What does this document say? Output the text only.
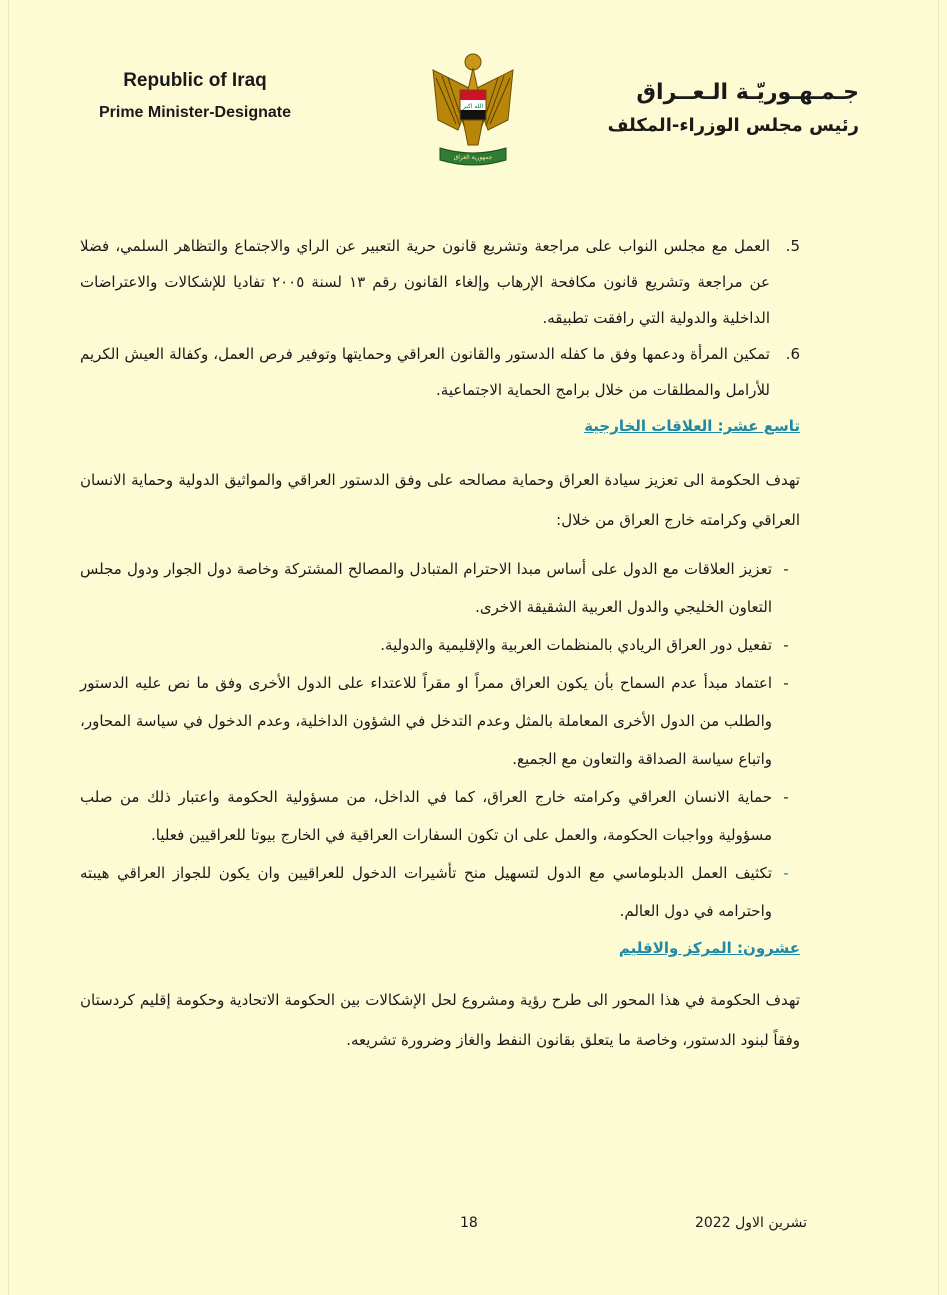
Republic of Iraq
Prime Minister-Designate	الله اكبر
جمهورية العراق
جـمـهـوريّـة الـعــراق
رئيس مجلس الوزراء-المكلف
5.
العمل مع مجلس النواب على مراجعة وتشريع قانون حرية التعبير عن الراي والاجتماع والتظاهر السلمي، فضلا عن مراجعة وتشريع قانون مكافحة الإرهاب وإلغاء القانون رقم ١٣ لسنة ٢٠٠٥ تفاديا للإشكالات والاعتراضات الداخلية والدولية التي رافقت تطبيقه.
6.
تمكين المرأة ودعمها وفق ما كفله الدستور والقانون العراقي وحمايتها وتوفير فرص العمل، وكفالة العيش الكريم للأرامل والمطلقات من خلال برامج الحماية الاجتماعية.
تاسع عشر: العلاقات الخارجية
تهدف الحكومة الى تعزيز سيادة العراق وحماية مصالحه على وفق الدستور العراقي والمواثيق الدولية وحماية الانسان العراقي وكرامته خارج العراق من خلال:
-
تعزيز العلاقات مع الدول على أساس مبدا الاحترام المتبادل والمصالح المشتركة وخاصة دول الجوار ودول مجلس التعاون الخليجي والدول العربية الشقيقة الاخرى.
-
تفعيل دور العراق الريادي بالمنظمات العربية والإقليمية والدولية.
-
اعتماد مبدأ عدم السماح بأن يكون العراق ممراً او مقراً للاعتداء على الدول الأخرى وفق ما نص عليه الدستور والطلب من الدول الأخرى المعاملة بالمثل وعدم التدخل في الشؤون الداخلية، وعدم الدخول في سياسة المحاور، واتباع سياسة الصداقة والتعاون مع الجميع.
-
حماية الانسان العراقي وكرامته خارج العراق، كما في الداخل، من مسؤولية الحكومة واعتبار ذلك من صلب مسؤولية وواجبات الحكومة، والعمل على ان تكون السفارات العراقية في الخارج بيوتا للعراقيين فعليا.
-
تكثيف العمل الدبلوماسي مع الدول لتسهيل منح تأشيرات الدخول للعراقيين وان يكون للجواز العراقي هيبته واحترامه في دول العالم.
عشرون: المركز والاقليم
تهدف الحكومة في هذا المحور الى طرح رؤية ومشروع لحل الإشكالات بين الحكومة الاتحادية وحكومة إقليم كردستان وفقاً لبنود الدستور، وخاصة ما يتعلق بقانون النفط والغاز وضرورة تشريعه.
تشرين الاول 2022
18
